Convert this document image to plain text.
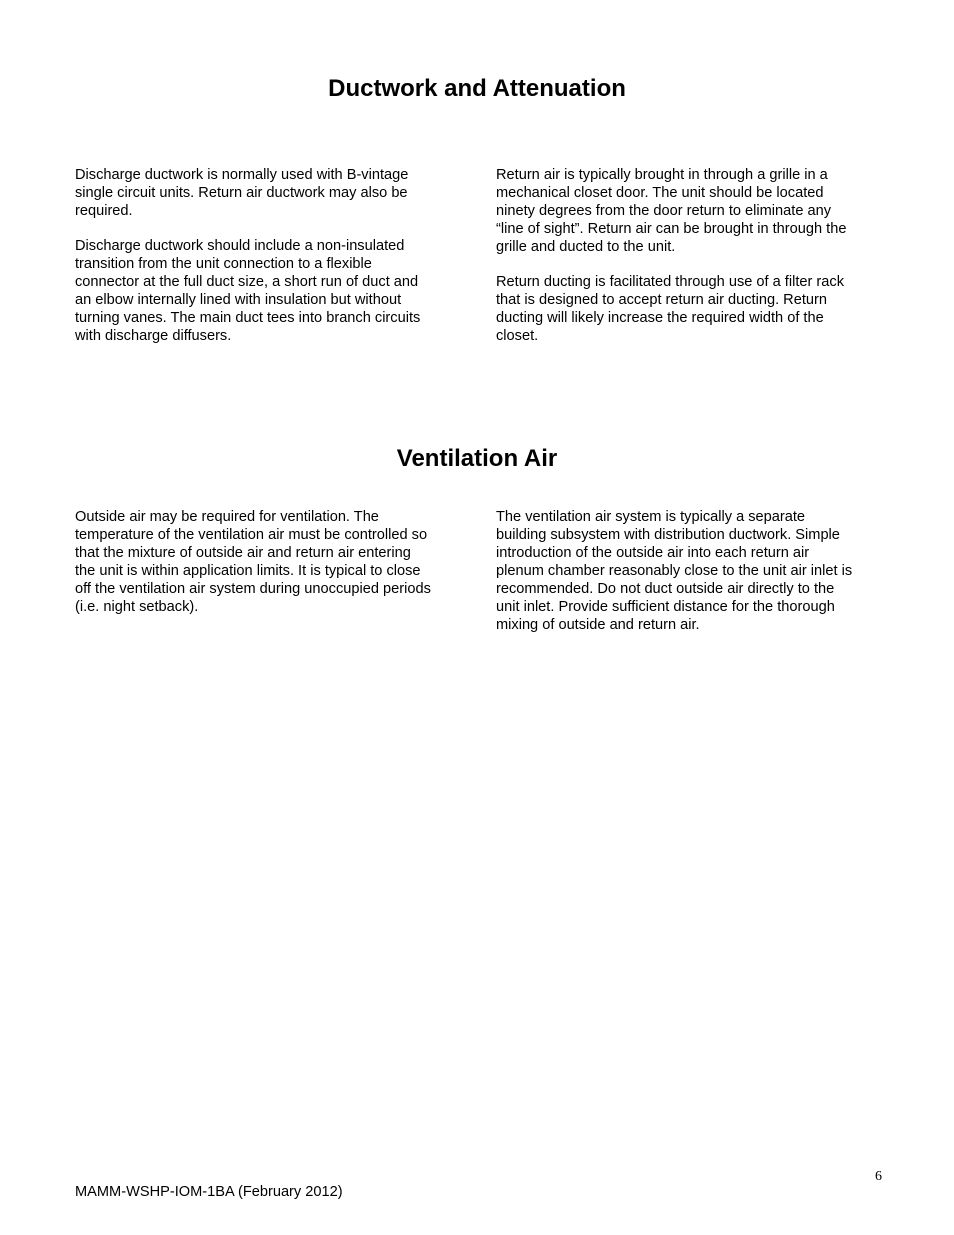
Ductwork and Attenuation

Discharge ductwork is normally used with B-vintage
single circuit units. Return air ductwork may also be
required.

Discharge ductwork should include a non-insulated
transition from the unit connection to a flexible
connector at the full duct size, a short run of duct and
an elbow internally lined with insulation but without
turning vanes. The main duct tees into branch circuits
with discharge diffusers.

Return air is typically brought in through a grille in a
mechanical closet door. The unit should be located
ninety degrees from the door return to eliminate any
“line of sight”. Return air can be brought in through the
grille and ducted to the unit.

Return ducting is facilitated through use of a filter rack
that is designed to accept return air ducting. Return
ducting will likely increase the required width of the
closet.

Ventilation Air

Outside air may be required for ventilation. The
temperature of the ventilation air must be controlled so
that the mixture of outside air and return air entering
the unit is within application limits. It is typical to close
off the ventilation air system during unoccupied periods
(i.e. night setback).

The ventilation air system is typically a separate
building subsystem with distribution ductwork. Simple
introduction of the outside air into each return air
plenum chamber reasonably close to the unit air inlet is
recommended. Do not duct outside air directly to the
unit inlet. Provide sufficient distance for the thorough
mixing of outside and return air.

6
MAMM-WSHP-IOM-1BA (February 2012)
